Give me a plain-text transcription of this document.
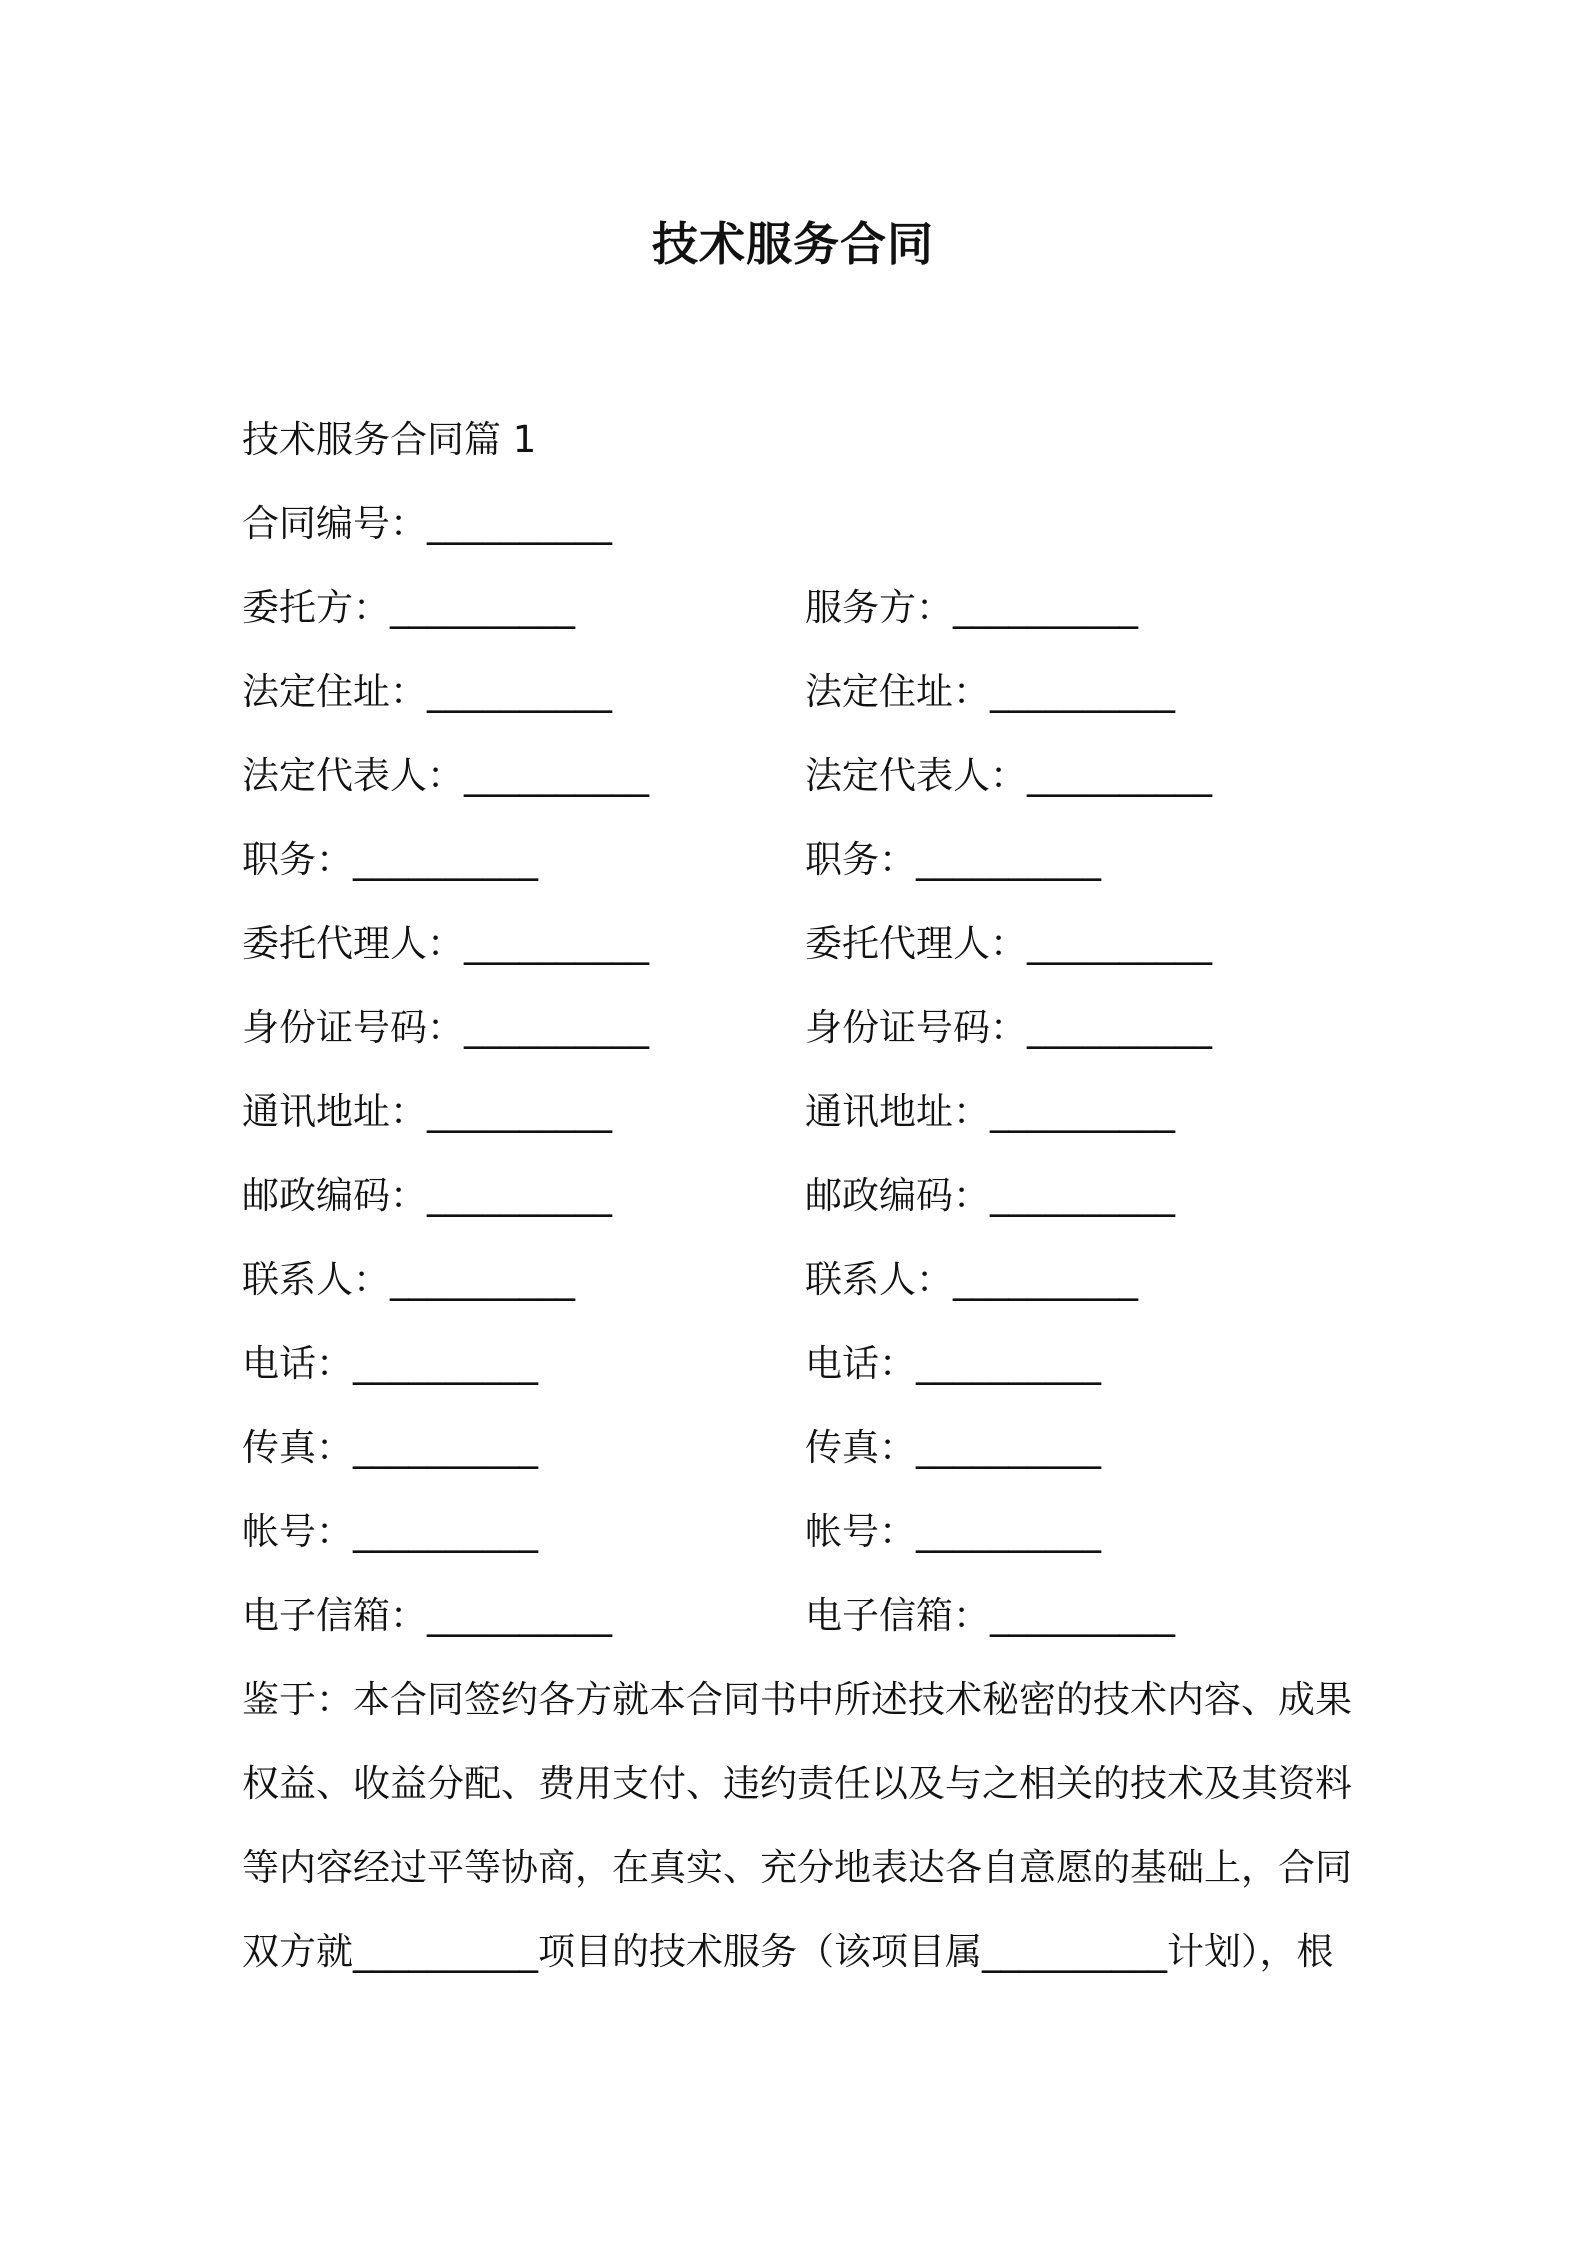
技术服务合同
技术服务合同篇 1
合同编号：__________
委托方：__________	服务方：__________
法定住址：__________	法定住址：__________
法定代表人：__________	法定代表人：__________
职务：__________	职务：__________
委托代理人：__________	委托代理人：__________
身份证号码：__________	身份证号码：__________
通讯地址：__________	通讯地址：__________
邮政编码：__________	邮政编码：__________
联系人：__________	联系人：__________
电话：__________	电话：__________
传真：__________	传真：__________
帐号：__________	帐号：__________
电子信箱：__________	电子信箱：__________
鉴于：本合同签约各方就本合同书中所述技术秘密的技术内容、成果
权益、收益分配、费用支付、违约责任以及与之相关的技术及其资料
等内容经过平等协商，在真实、充分地表达各自意愿的基础上，合同
双方就__________项目的技术服务（该项目属__________计划），根
